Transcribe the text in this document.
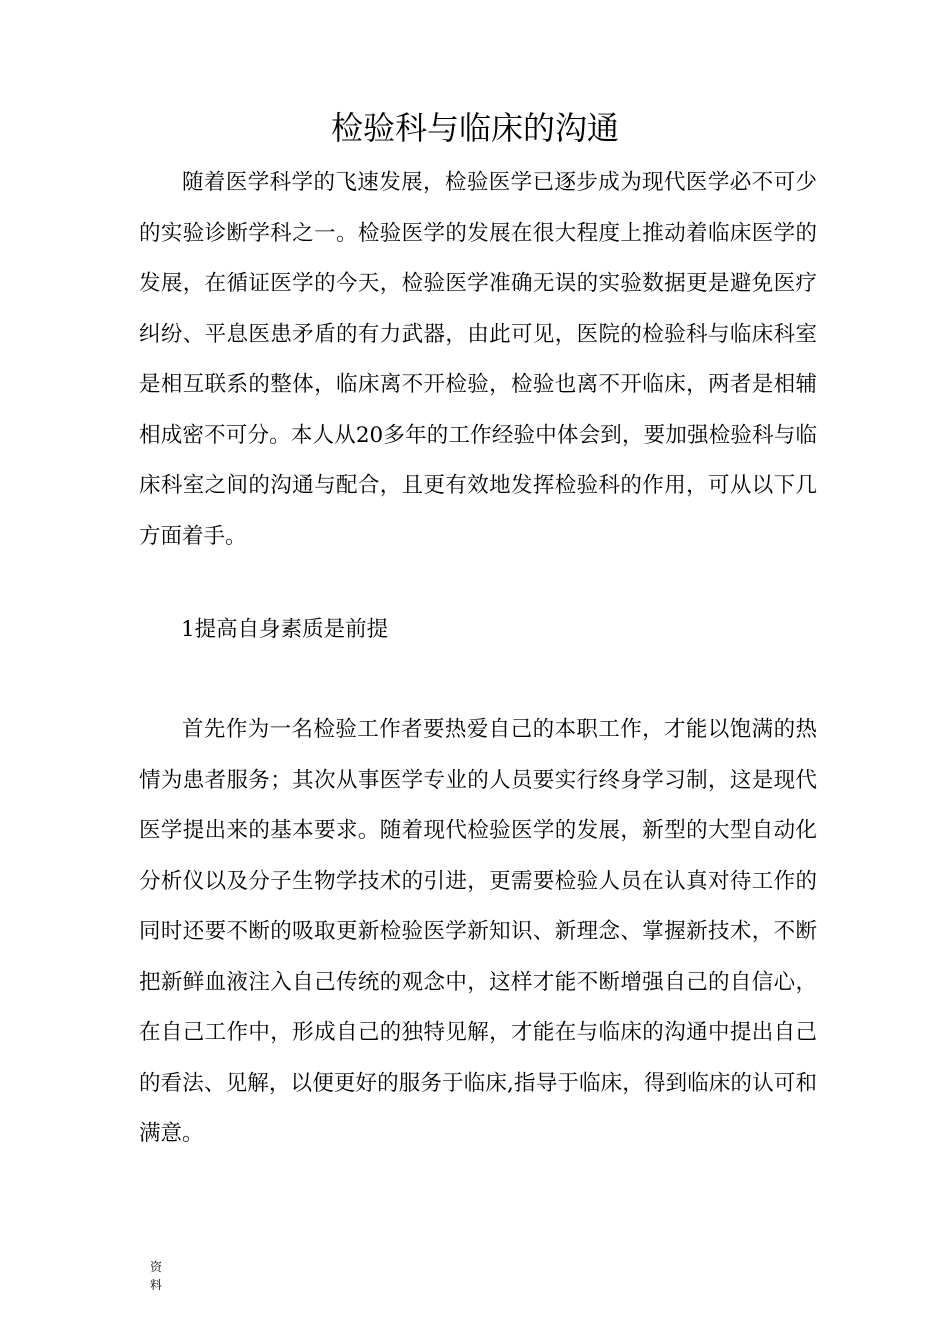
检验科与临床的沟通

随着医学科学的飞速发展，检验医学已逐步成为现代医学必不可少的实验诊断学科之一。检验医学的发展在很大程度上推动着临床医学的发展，在循证医学的今天，检验医学准确无误的实验数据更是避免医疗纠纷、平息医患矛盾的有力武器，由此可见，医院的检验科与临床科室是相互联系的整体，临床离不开检验，检验也离不开临床，两者是相辅相成密不可分。本人从20多年的工作经验中体会到，要加强检验科与临床科室之间的沟通与配合，且更有效地发挥检验科的作用，可从以下几方面着手。

1提高自身素质是前提

首先作为一名检验工作者要热爱自己的本职工作，才能以饱满的热情为患者服务；其次从事医学专业的人员要实行终身学习制，这是现代医学提出来的基本要求。随着现代检验医学的发展，新型的大型自动化分析仪以及分子生物学技术的引进，更需要检验人员在认真对待工作的同时还要不断的吸取更新检验医学新知识、新理念、掌握新技术，不断把新鲜血液注入自己传统的观念中，这样才能不断增强自己的自信心，在自己工作中，形成自己的独特见解，才能在与临床的沟通中提出自己的看法、见解，以便更好的服务于临床,指导于临床，得到临床的认可和满意。

资料
